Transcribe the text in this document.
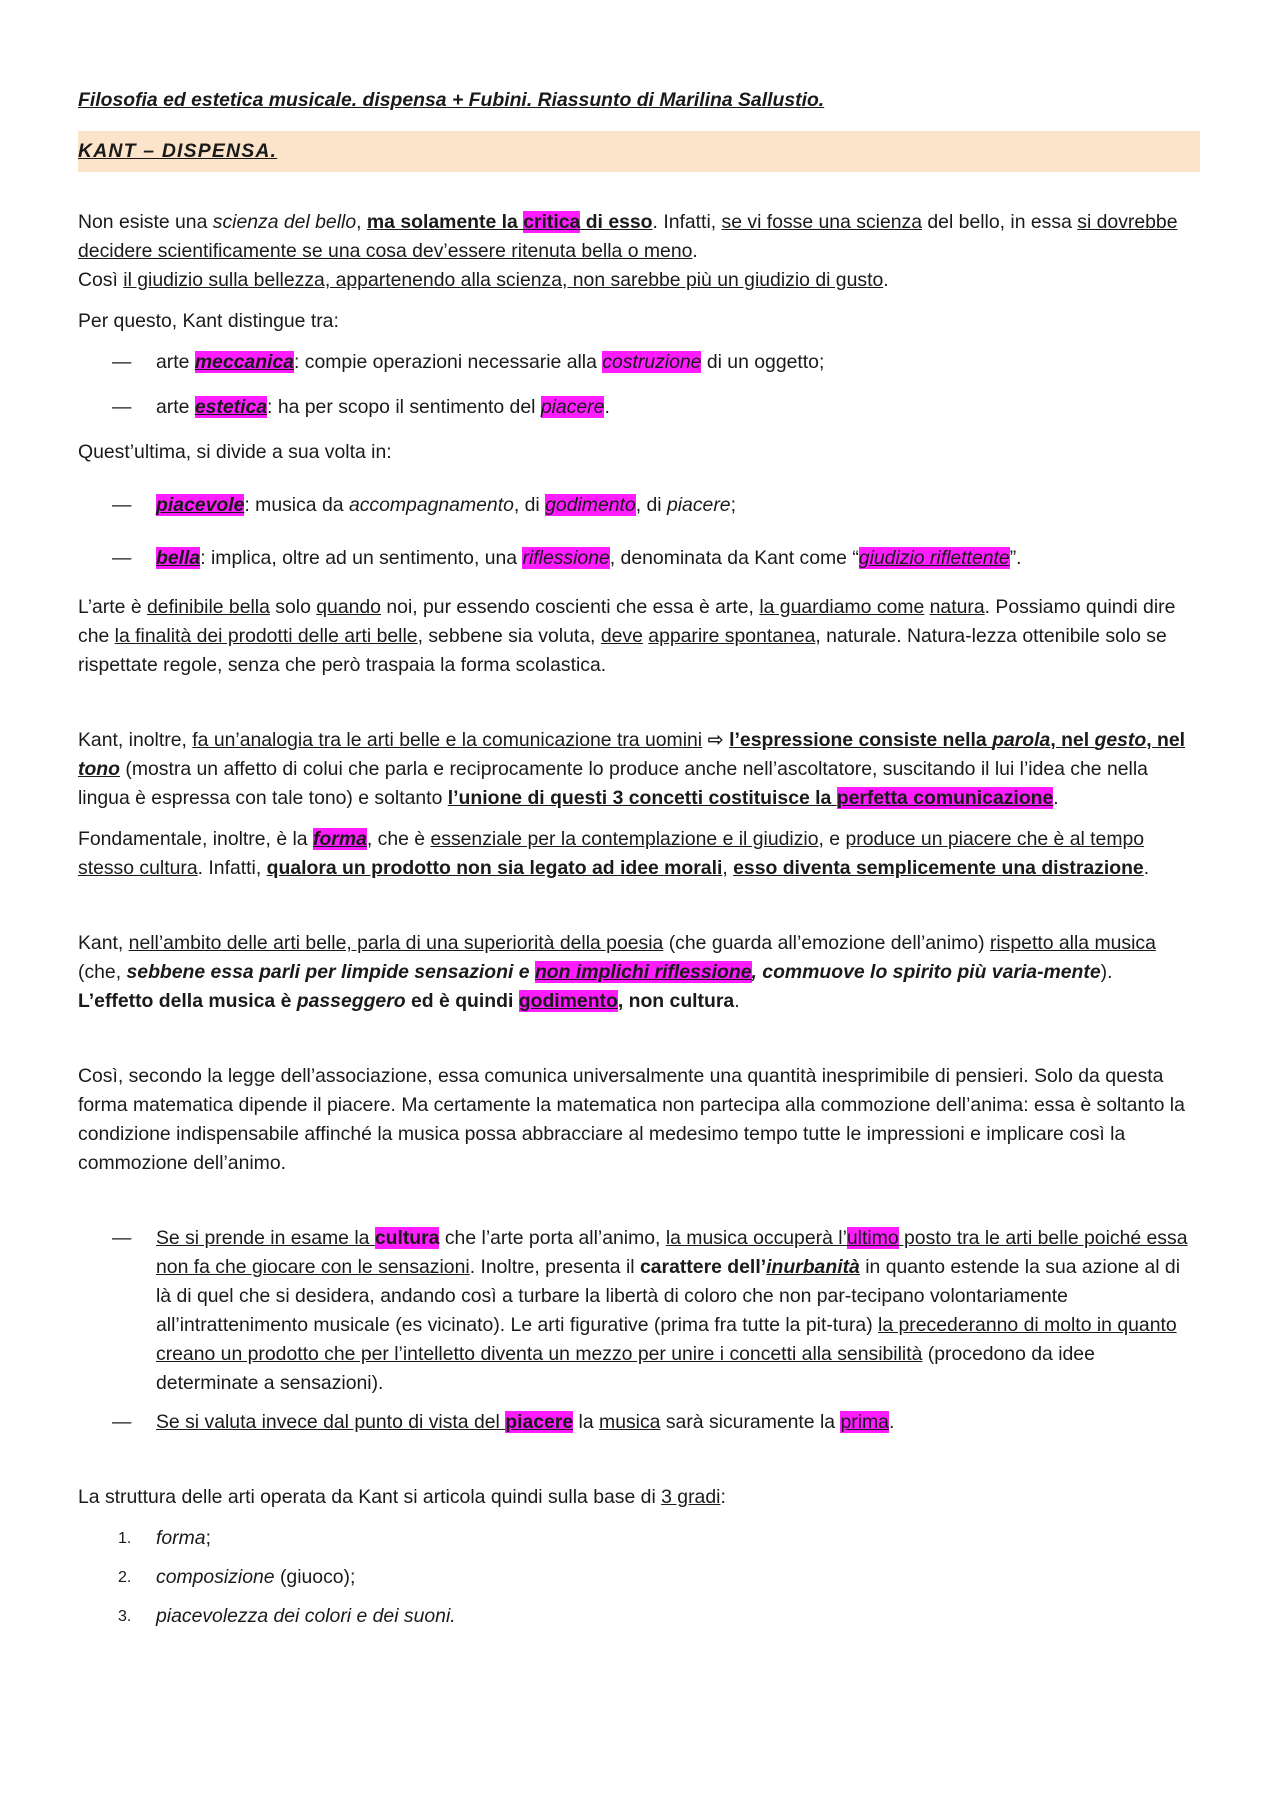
Filosofia ed estetica musicale. dispensa + Fubini. Riassunto di Marilina Sallustio.

KANT – DISPENSA.

Non esiste una scienza del bello, ma solamente la critica di esso. Infatti, se vi fosse una scienza del bello, in essa si dovrebbe decidere scientificamente se una cosa dev’essere ritenuta bella o meno.
Così il giudizio sulla bellezza, appartenendo alla scienza, non sarebbe più un giudizio di gusto.

Per questo, Kant distingue tra:

— arte meccanica: compie operazioni necessarie alla costruzione di un oggetto;
— arte estetica: ha per scopo il sentimento del piacere.

Quest’ultima, si divide a sua volta in:

— piacevole: musica da accompagnamento, di godimento, di piacere;
— bella: implica, oltre ad un sentimento, una riflessione, denominata da Kant come “giudizio riflettente”.

L’arte è definibile bella solo quando noi, pur essendo coscienti che essa è arte, la guardiamo come natura. Possiamo quindi dire che la finalità dei prodotti delle arti belle, sebbene sia voluta, deve apparire spontanea, naturale. Natura-lezza ottenibile solo se rispettate regole, senza che però traspaia la forma scolastica.

Kant, inoltre, fa un’analogia tra le arti belle e la comunicazione tra uomini ⇨ l’espressione consiste nella parola, nel gesto, nel tono (mostra un affetto di colui che parla e reciprocamente lo produce anche nell’ascoltatore, suscitando il lui l’idea che nella lingua è espressa con tale tono) e soltanto l’unione di questi 3 concetti costituisce la perfetta comunicazione.

Fondamentale, inoltre, è la forma, che è essenziale per la contemplazione e il giudizio, e produce un piacere che è al tempo stesso cultura. Infatti, qualora un prodotto non sia legato ad idee morali, esso diventa semplicemente una distrazione.

Kant, nell’ambito delle arti belle, parla di una superiorità della poesia (che guarda all’emozione dell’animo) rispetto alla musica (che, sebbene essa parli per limpide sensazioni e non implichi riflessione, commuove lo spirito più varia-mente). L’effetto della musica è passeggero ed è quindi godimento, non cultura.

Così, secondo la legge dell’associazione, essa comunica universalmente una quantità inesprimibile di pensieri. Solo da questa forma matematica dipende il piacere. Ma certamente la matematica non partecipa alla commozione dell’anima: essa è soltanto la condizione indispensabile affinché la musica possa abbracciare al medesimo tempo tutte le impressioni e implicare così la commozione dell’animo.

— Se si prende in esame la cultura che l’arte porta all’animo, la musica occuperà l’ultimo posto tra le arti belle poiché essa non fa che giocare con le sensazioni. Inoltre, presenta il carattere dell’inurbanità in quanto estende la sua azione al di là di quel che si desidera, andando così a turbare la libertà di coloro che non par-tecipano volontariamente all’intrattenimento musicale (es vicinato). Le arti figurative (prima fra tutte la pit-tura) la precederanno di molto in quanto creano un prodotto che per l’intelletto diventa un mezzo per unire i concetti alla sensibilità (procedono da idee determinate a sensazioni).
— Se si valuta invece dal punto di vista del piacere la musica sarà sicuramente la prima.

La struttura delle arti operata da Kant si articola quindi sulla base di 3 gradi:

1. forma;
2. composizione (giuoco);
3. piacevolezza dei colori e dei suoni.
